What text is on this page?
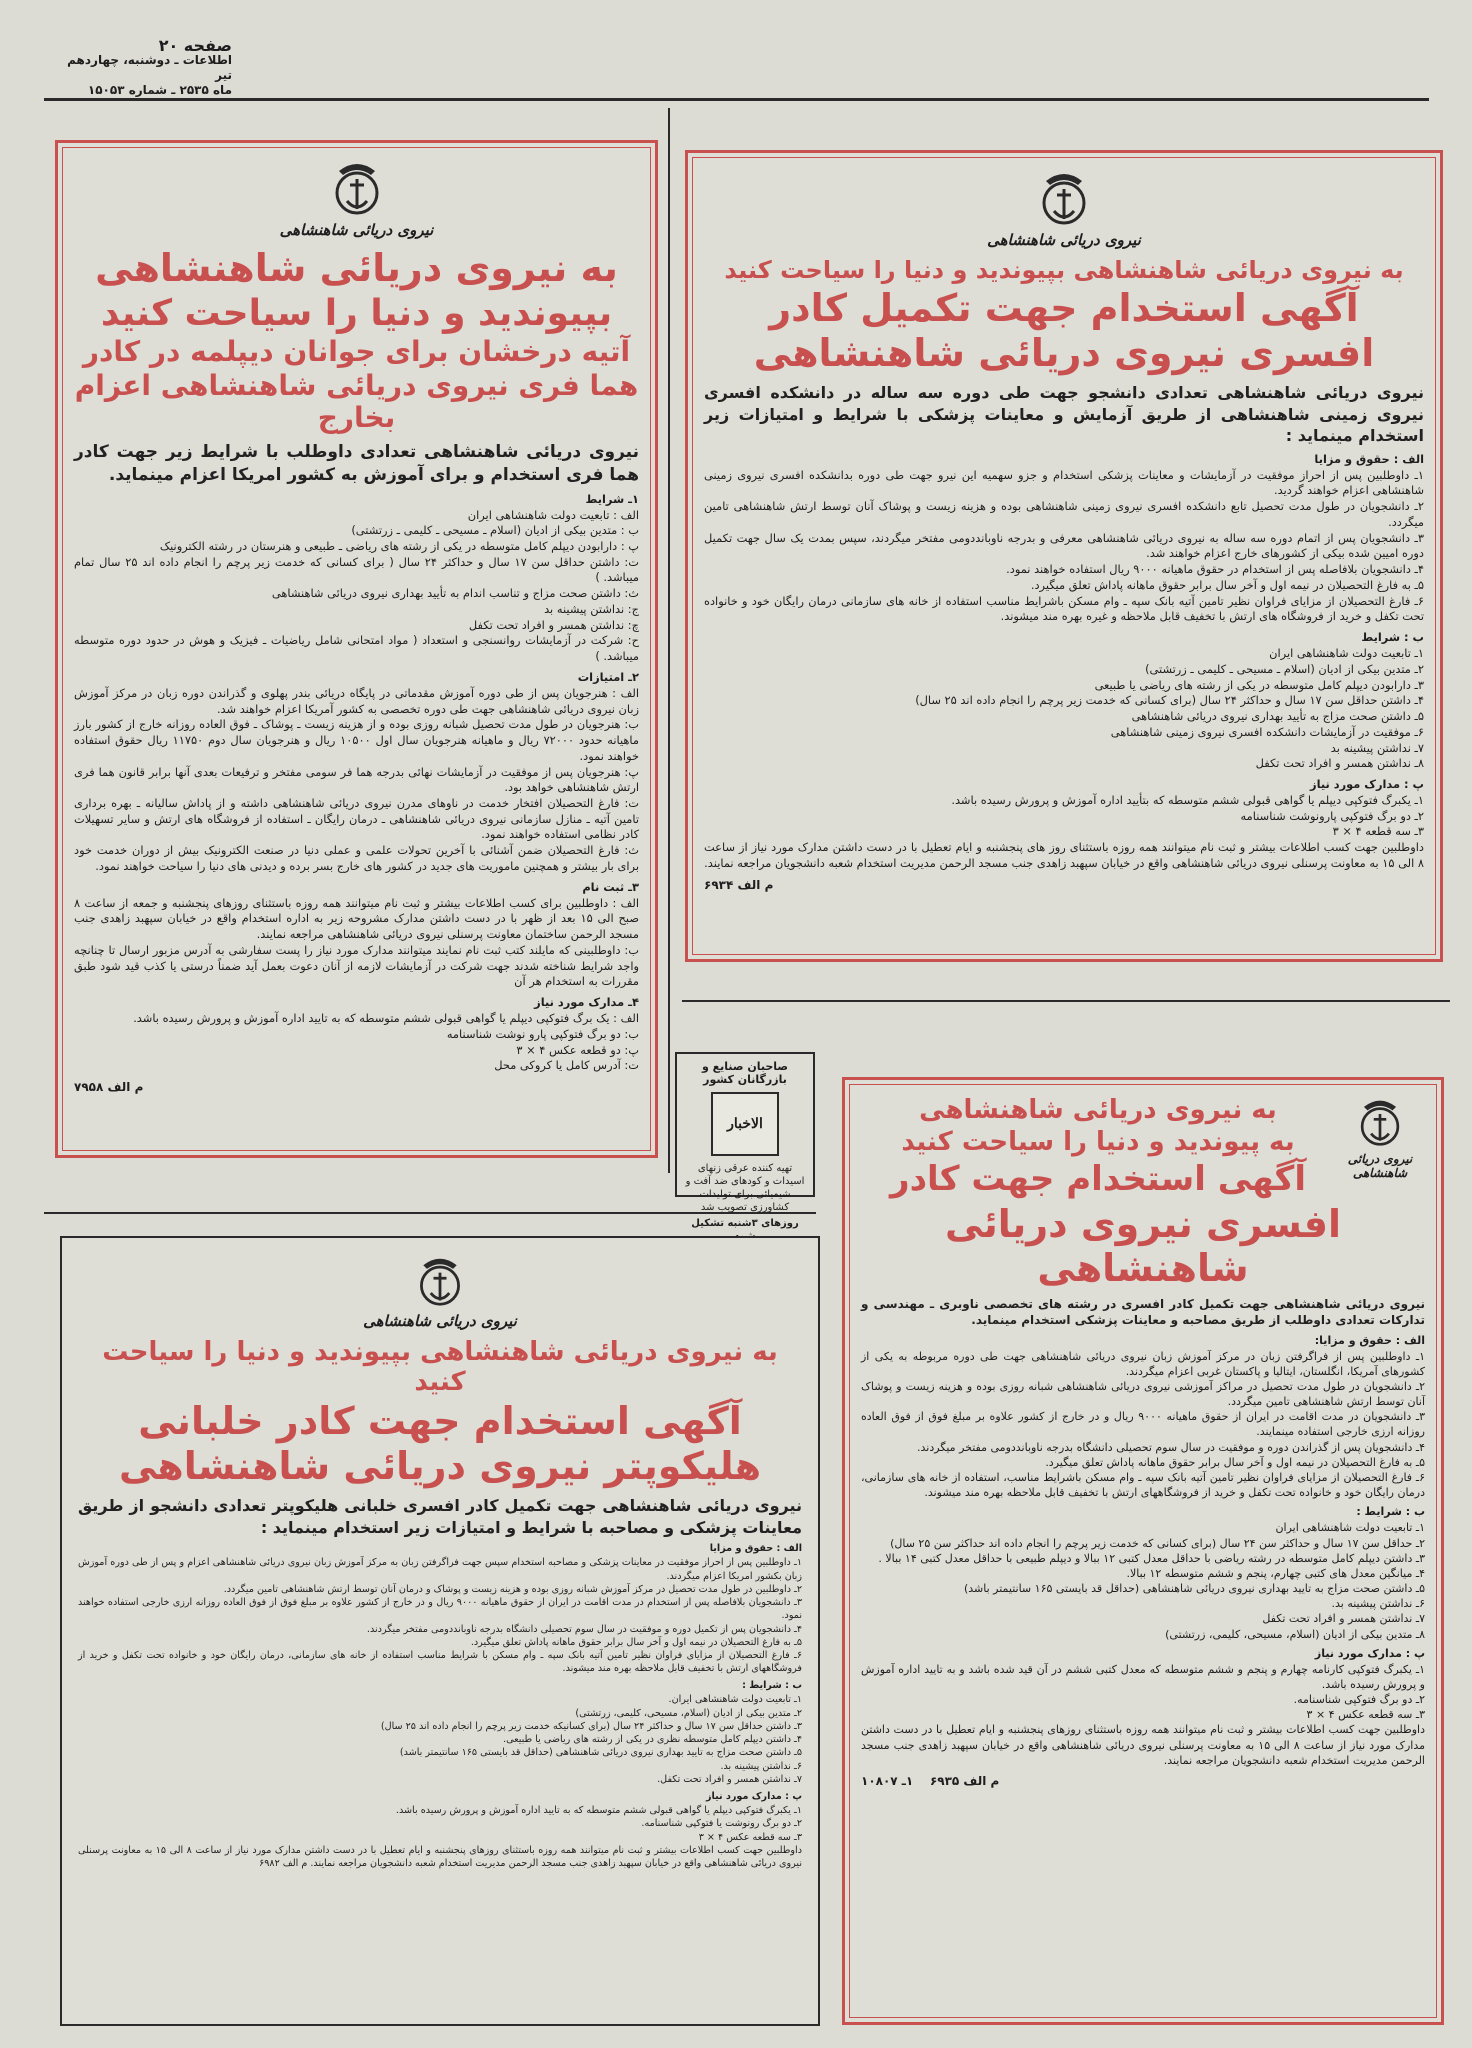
صفحه ۲۰
اطلاعات ـ دوشنبه، چهاردهم تیر
ماه ۲۵۳۵ ـ شماره ۱۵۰۵۳
نیروی دریائی شاهنشاهی
به نیروی دریائی شاهنشاهی
بپیوندید و دنیا را سیاحت کنید
آتیه درخشان برای جوانان دیپلمه در کادر
هما فری نیروی دریائی شاهنشاهی اعزام بخارج
نیروی دریائی شاهنشاهی تعدادی داوطلب با شرایط زیر جهت کادر هما فری استخدام و برای آموزش به کشور امریکا اعزام مینماید.
۱ـ شرایط
الف : تابعیت دولت شاهنشاهی ایران
ب : متدین بیکی از ادیان (اسلام ـ مسیحی ـ کلیمی ـ زرتشتی)
پ : دارابودن دیپلم کامل متوسطه در یکی از رشته های ریاضی ـ طبیعی و هنرستان در رشته الکترونیک
ت: داشتن حداقل سن ۱۷ سال و حداکثر ۲۴ سال ( برای کسانی که خدمت زیر پرچم را انجام داده اند ۲۵ سال تمام میباشد. )
ث: داشتن صحت مزاج و تناسب اندام به تأیید بهداری نیروی دریائی شاهنشاهی
ج: نداشتن پیشینه بد
چ: نداشتن همسر و افراد تحت تکفل
ح: شرکت در آزمایشات روانسنجی و استعداد ( مواد امتحانی شامل ریاضیات ـ فیزیک و هوش در حدود دوره متوسطه میباشد. )
۲ـ امتیازات
الف : هنرجویان پس از طی دوره آموزش مقدماتی در پایگاه دریائی بندر پهلوی و گذراندن دوره زبان در مرکز آموزش زبان نیروی دریائی شاهنشاهی جهت طی دوره تخصصی به کشور آمریکا اعزام خواهند شد.
ب: هنرجویان در طول مدت تحصیل شبانه روزی بوده و از هزینه زیست ـ پوشاک ـ فوق العاده روزانه خارج از کشور بارز ماهیانه حدود ۷۲۰۰۰ ریال و ماهیانه هنرجویان سال اول ۱۰۵۰۰ ریال و هنرجویان سال دوم ۱۱۷۵۰ ریال حقوق استفاده خواهند نمود.
پ: هنرجویان پس از موفقیت در آزمایشات نهائی بدرجه هما فر سومی مفتخر و ترفیعات بعدی آنها برابر قانون هما فری ارتش شاهنشاهی خواهد بود.
ت: فارغ التحصیلان افتخار خدمت در ناوهای مدرن نیروی دریائی شاهنشاهی داشته و از پاداش سالیانه ـ بهره برداری تامین آتیه ـ منازل سازمانی نیروی دریائی شاهنشاهی ـ درمان رایگان ـ استفاده از فروشگاه های ارتش و سایر تسهیلات کادر نظامی استفاده خواهند نمود.
ث: فارغ التحصیلان ضمن آشنائی با آخرین تحولات علمی و عملی دنیا در صنعت الکترونیک بیش از دوران خدمت خود برای بار بیشتر و همچنین ماموریت های جدید در کشور های خارج بسر برده و دیدنی های دنیا را سیاحت خواهند نمود.
۳ـ ثبت نام
الف : داوطلبین برای کسب اطلاعات بیشتر و ثبت نام میتوانند همه روزه باستثنای روزهای پنجشنبه و جمعه از ساعت ۸ صبح الی ۱۵ بعد از ظهر با در دست داشتن مدارک مشروحه زیر به اداره استخدام واقع در خیابان سپهبد زاهدی جنب مسجد الرحمن ساختمان معاونت پرسنلی نیروی دریائی شاهنشاهی مراجعه نمایند.
ب: داوطلبینی که مایلند کتب ثبت نام نمایند میتوانند مدارک مورد نیاز را پست سفارشی به آدرس مزبور ارسال تا چنانچه واجد شرایط شناخته شدند جهت شرکت در آزمایشات لازمه از آنان دعوت بعمل آید ضمناً درستی یا کذب قید شود طبق مقررات به استخدام هر آن
۴ـ مدارک مورد نیاز
الف : یک برگ فتوکپی دیپلم یا گواهی قبولی ششم متوسطه که به تایید اداره آموزش و پرورش رسیده باشد.
ب: دو برگ فتوکپی پارو نوشت شناسنامه
پ: دو قطعه عکس ۴ × ۳
ت: آدرس کامل یا کروکی محل
م الف ۷۹۵۸
نیروی دریائی شاهنشاهی
به نیروی دریائی شاهنشاهی بپیوندید و دنیا را سیاحت کنید
آگهی استخدام جهت تکمیل کادر
افسری نیروی دریائی شاهنشاهی
نیروی دریائی شاهنشاهی تعدادی دانشجو جهت طی دوره سه ساله در دانشکده افسری نیروی زمینی شاهنشاهی از طریق آزمایش و معاینات پزشکی با شرایط و امتیازات زیر استخدام مینماید :
الف : حقوق و مزایا
۱ـ داوطلبین پس از احراز موفقیت در آزمایشات و معاینات پزشکی استخدام و جزو سهمیه این نیرو جهت طی دوره بدانشکده افسری نیروی زمینی شاهنشاهی اعزام خواهند گردید.
۲ـ دانشجویان در طول مدت تحصیل تابع دانشکده افسری نیروی زمینی شاهنشاهی بوده و هزینه زیست و پوشاک آنان توسط ارتش شاهنشاهی تامین میگردد.
۳ـ دانشجویان پس از اتمام دوره سه ساله به نیروی دریائی شاهنشاهی معرفی و بدرجه ناوبانددومی مفتخر میگردند، سپس بمدت یک سال جهت تکمیل دوره امیین شده بیکی از کشورهای خارج اعزام خواهند شد.
۴ـ دانشجویان بلافاصله پس از استخدام در حقوق ماهیانه ۹۰۰۰ ریال استفاده خواهند نمود.
۵ـ به فارغ التحصیلان در نیمه اول و آخر سال برابر حقوق ماهانه پاداش تعلق میگیرد.
۶ـ فارغ التحصیلان از مزایای فراوان نظیر تامین آتیه بانک سپه ـ وام مسکن باشرایط مناسب استفاده از خانه های سازمانی درمان رایگان خود و خانواده تحت تکفل و خرید از فروشگاه های ارتش با تخفیف قابل ملاحظه و غیره بهره مند میشوند.
ب : شرایط
۱ـ تابعیت دولت شاهنشاهی ایران
۲ـ متدین بیکی از ادیان (اسلام ـ مسیحی ـ کلیمی ـ زرتشتی)
۳ـ دارابودن دیپلم کامل متوسطه در یکی از رشته های ریاضی یا طبیعی
۴ـ داشتن حداقل سن ۱۷ سال و حداکثر ۲۴ سال (برای کسانی که خدمت زیر پرچم را انجام داده اند ۲۵ سال)
۵ـ داشتن صحت مزاج به تأیید بهداری نیروی دریائی شاهنشاهی
۶ـ موفقیت در آزمایشات دانشکده افسری نیروی زمینی شاهنشاهی
۷ـ نداشتن پیشینه بد
۸ـ نداشتن همسر و افراد تحت تکفل
پ : مدارک مورد نیاز
۱ـ یکبرگ فتوکپی دیپلم یا گواهی قبولی ششم متوسطه که بتأیید اداره آموزش و پرورش رسیده باشد.
۲ـ دو برگ فتوکپی پارونوشت شناسنامه
۳ـ سه قطعه ۴ × ۳
داوطلبین جهت کسب اطلاعات بیشتر و ثبت نام میتوانند همه روزه باستثنای روز های پنجشنبه و ایام تعطیل با در دست داشتن مدارک مورد نیاز از ساعت ۸ الی ۱۵ به معاونت پرسنلی نیروی دریائی شاهنشاهی واقع در خیابان سپهبد زاهدی جنب مسجد الرحمن مدیریت استخدام شعبه دانشجویان مراجعه نمایند.
م الف ۶۹۳۴
صاحبان صنایع و بازرگانان کشور
الاخبار
تهیه کننده عرقی زنهای اسیدات و کودهای ضد آفت و شیمیائی برای تولیدات کشاورزی تصویب شد
روزهای ۳شنبه تشکیل
نیروی دریائی شاهنشاهی
به نیروی دریائی شاهنشاهی
به پیوندید و دنیا را سیاحت کنید
آگهی استخدام جهت کادر
افسری نیروی دریائی شاهنشاهی
نیروی دریائی شاهنشاهی جهت تکمیل کادر افسری در رشته های تخصصی ناوبری ـ مهندسی و تدارکات تعدادی داوطلب از طریق مصاحبه و معاینات پزشکی استخدام مینماید.
الف : حقوق و مزایا:
۱ـ داوطلبین پس از فراگرفتن زبان در مرکز آموزش زبان نیروی دریائی شاهنشاهی جهت طی دوره مربوطه به یکی از کشورهای آمریکا، انگلستان، ایتالیا و پاکستان غربی اعزام میگردند.
۲ـ دانشجویان در طول مدت تحصیل در مراکز آموزشی نیروی دریائی شاهنشاهی شبانه روزی بوده و هزینه زیست و پوشاک آنان توسط ارتش شاهنشاهی تامین میگردد.
۳ـ دانشجویان در مدت اقامت در ایران از حقوق ماهیانه ۹۰۰۰ ریال و در خارج از کشور علاوه بر مبلغ فوق از فوق العاده روزانه ارزی خارجی استفاده مینمایند.
۴ـ دانشجویان پس از گذراندن دوره و موفقیت در سال سوم تحصیلی دانشگاه بدرجه ناوبانددومی مفتخر میگردند.
۵ـ به فارغ التحصیلان در نیمه اول و آخر سال برابر حقوق ماهانه پاداش تعلق میگیرد.
۶ـ فارغ التحصیلان از مزایای فراوان نظیر تامین آتیه بانک سپه ـ وام مسکن باشرایط مناسب، استفاده از خانه های سازمانی، درمان رایگان خود و خانواده تحت تکفل و خرید از فروشگاههای ارتش با تخفیف قابل ملاحظه بهره مند میشوند.
ب : شرایط :
۱ـ تابعیت دولت شاهنشاهی ایران
۲ـ حداقل سن ۱۷ سال و حداکثر سن ۲۴ سال (برای کسانی که خدمت زیر پرچم را انجام داده اند حداکثر سن ۲۵ سال)
۳ـ داشتن دیپلم کامل متوسطه در رشته ریاضی با حداقل معدل کتبی ۱۲ ببالا و دیپلم طبیعی با حداقل معدل کتبی ۱۴ ببالا .
۴ـ میانگین معدل های کتبی چهارم، پنجم و ششم متوسطه ۱۲ ببالا.
۵ـ داشتن صحت مزاج به تایید بهداری نیروی دریائی شاهنشاهی (حداقل قد بایستی ۱۶۵ سانتیمتر باشد)
۶ـ نداشتن پیشینه بد.
۷ـ نداشتن همسر و افراد تحت تکفل
۸ـ متدین بیکی از ادیان (اسلام، مسیحی، کلیمی، زرتشتی)
پ : مدارک مورد نیاز
۱ـ یکبرگ فتوکپی کارنامه چهارم و پنجم و ششم متوسطه که معدل کتبی ششم در آن قید شده باشد و به تایید اداره آموزش و پرورش رسیده باشد.
۲ـ دو برگ فتوکپی شناسنامه.
۳ـ سه قطعه عکس ۴ × ۳
داوطلبین جهت کسب اطلاعات بیشتر و ثبت نام میتوانند همه روزه باستثنای روزهای پنجشنبه و ایام تعطیل با در دست داشتن مدارک مورد نیاز از ساعت ۸ الی ۱۵ به معاونت پرسنلی نیروی دریائی شاهنشاهی واقع در خیابان سپهبد زاهدی جنب مسجد الرحمن مدیریت استخدام شعبه دانشجویان مراجعه نمایند.
م الف ۶۹۳۵    ۱ـ ۱۰۸۰۷
نیروی دریائی شاهنشاهی
به نیروی دریائی شاهنشاهی بپیوندید و دنیا را سیاحت کنید
آگهی استخدام جهت کادر خلبانی
هلیکوپتر نیروی دریائی شاهنشاهی
نیروی دریائی شاهنشاهی جهت تکمیل کادر افسری خلبانی هلیکوپتر تعدادی دانشجو از طریق معاینات پزشکی و مصاحبه با شرایط و امتیازات زیر استخدام مینماید :
الف : حقوق و مزایا
۱ـ داوطلبین پس از احراز موفقیت در معاینات پزشکی و مصاحبه استخدام سپس جهت فراگرفتن زبان به مرکز آموزش زبان نیروی دریائی شاهنشاهی اعزام و پس از طی دوره آموزش زبان بکشور امریکا اعزام میگردند.
۲ـ داوطلبین در طول مدت تحصیل در مرکز آموزش شبانه روزی بوده و هزینه زیست و پوشاک و درمان آنان توسط ارتش شاهنشاهی تامین میگردد.
۳ـ دانشجویان بلافاصله پس از استخدام در مدت اقامت در ایران از حقوق ماهیانه ۹۰۰۰ ریال و در خارج از کشور علاوه بر مبلغ فوق از فوق العاده روزانه ارزی خارجی استفاده خواهند نمود.
۴ـ دانشجویان پس از تکمیل دوره و موفقیت در سال سوم تحصیلی دانشگاه بدرجه ناوبانددومی مفتخر میگردند.
۵ـ به فارغ التحصیلان در نیمه اول و آخر سال برابر حقوق ماهانه پاداش تعلق میگیرد.
۶ـ فارغ التحصیلان از مزایای فراوان نظیر تامین آتیه بانک سپه ـ وام مسکن با شرایط مناسب استفاده از خانه های سازمانی، درمان رایگان خود و خانواده تحت تکفل و خرید از فروشگاههای ارتش با تخفیف قابل ملاحظه بهره مند میشوند.
ب : شرایط :
۱ـ تابعیت دولت شاهنشاهی ایران.
۲ـ متدین بیکی از ادیان (اسلام، مسیحی، کلیمی، زرتشتی)
۳ـ داشتن حداقل سن ۱۷ سال و حداکثر ۲۴ سال (برای کسانیکه خدمت زیر پرچم را انجام داده اند ۲۵ سال)
۴ـ داشتن دیپلم کامل متوسطه نظری در یکی از رشته های ریاضی یا طبیعی.
۵ـ داشتن صحت مزاج به تایید بهداری نیروی دریائی شاهنشاهی (حداقل قد بایستی ۱۶۵ سانتیمتر باشد)
۶ـ نداشتن پیشینه بد.
۷ـ نداشتن همسر و افراد تحت تکفل.
پ : مدارک مورد نیاز
۱ـ یکبرگ فتوکپی دیپلم یا گواهی قبولی ششم متوسطه که به تایید اداره آموزش و پرورش رسیده باشد.
۲ـ دو برگ رونوشت یا فتوکپی شناسنامه.
۳ـ سه قطعه عکس ۴ × ۳
داوطلبین جهت کسب اطلاعات بیشتر و ثبت نام میتوانند همه روزه باستثنای روزهای پنجشنبه و ایام تعطیل با در دست داشتن مدارک مورد نیاز از ساعت ۸ الی ۱۵ به معاونت پرسنلی نیروی دریائی شاهنشاهی واقع در خیابان سپهبد زاهدی جنب مسجد الرحمن مدیریت استخدام شعبه دانشجویان مراجعه نمایند. م الف ۶۹۸۲
